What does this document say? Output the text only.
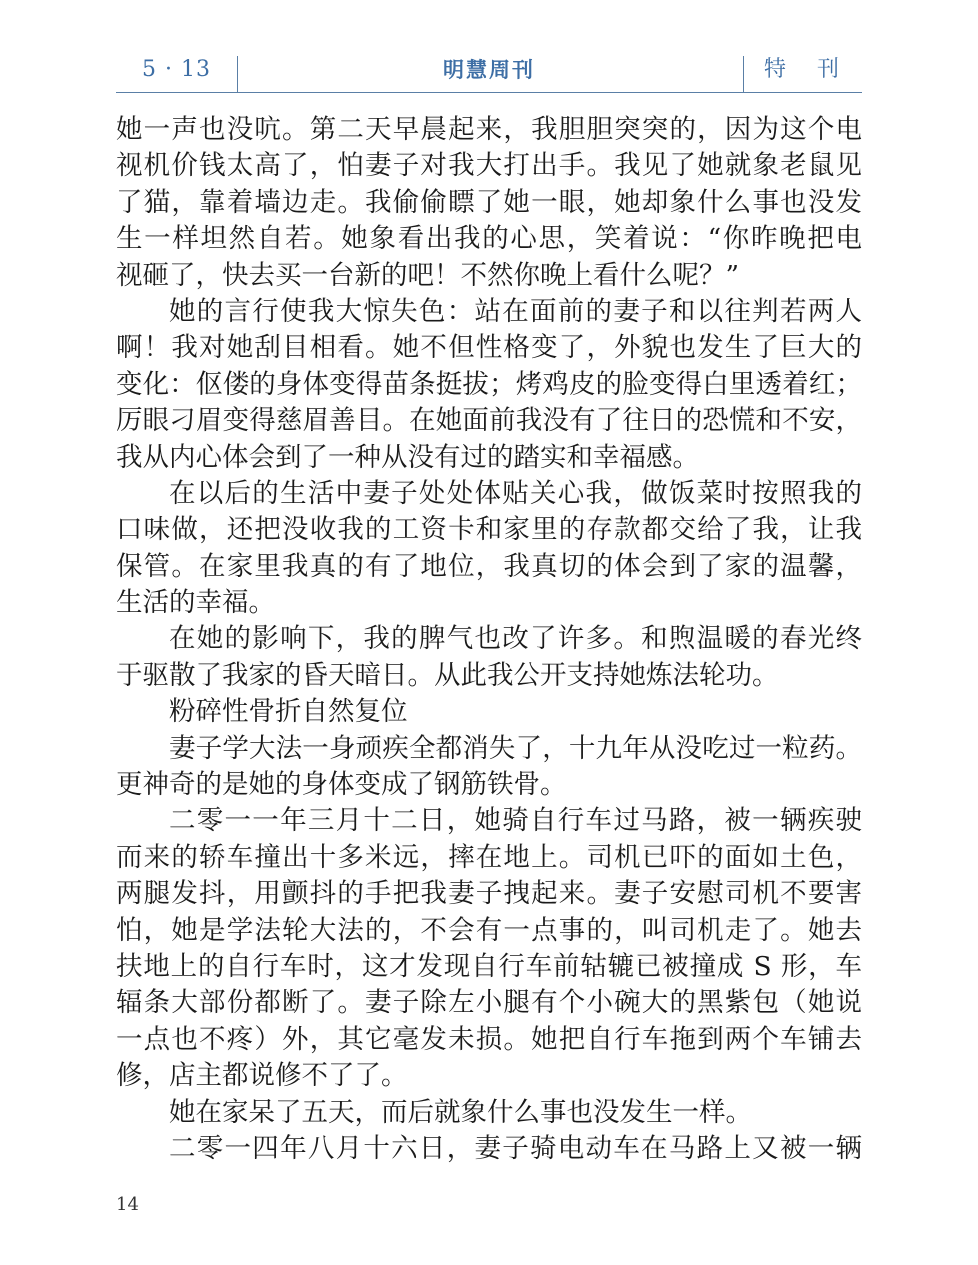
5 · 13	明慧周刊	特 刊
她一声也没吭。第二天早晨起来，我胆胆突突的，因为这个电
视机价钱太高了，怕妻子对我大打出手。我见了她就象老鼠见
了猫，靠着墙边走。我偷偷瞟了她一眼，她却象什么事也没发
生一样坦然自若。她象看出我的心思，笑着说：“你昨晚把电
视砸了，快去买一台新的吧！不然你晚上看什么呢？”
她的言行使我大惊失色：站在面前的妻子和以往判若两人
啊！我对她刮目相看。她不但性格变了，外貌也发生了巨大的
变化：伛偻的身体变得苗条挺拔；烤鸡皮的脸变得白里透着红；
厉眼刁眉变得慈眉善目。在她面前我没有了往日的恐慌和不安，
我从内心体会到了一种从没有过的踏实和幸福感。
在以后的生活中妻子处处体贴关心我，做饭菜时按照我的
口味做，还把没收我的工资卡和家里的存款都交给了我，让我
保管。在家里我真的有了地位，我真切的体会到了家的温馨，
生活的幸福。
在她的影响下，我的脾气也改了许多。和煦温暖的春光终
于驱散了我家的昏天暗日。从此我公开支持她炼法轮功。
粉碎性骨折自然复位
妻子学大法一身顽疾全都消失了，十九年从没吃过一粒药。
更神奇的是她的身体变成了钢筋铁骨。
二零一一年三月十二日，她骑自行车过马路，被一辆疾驶
而来的轿车撞出十多米远，摔在地上。司机已吓的面如土色，
两腿发抖，用颤抖的手把我妻子拽起来。妻子安慰司机不要害
怕，她是学法轮大法的，不会有一点事的，叫司机走了。她去
扶地上的自行车时，这才发现自行车前轱辘已被撞成 S 形，车
辐条大部份都断了。妻子除左小腿有个小碗大的黑紫包（她说
一点也不疼）外，其它毫发未损。她把自行车拖到两个车铺去
修，店主都说修不了了。
她在家呆了五天，而后就象什么事也没发生一样。
二零一四年八月十六日，妻子骑电动车在马路上又被一辆
14
